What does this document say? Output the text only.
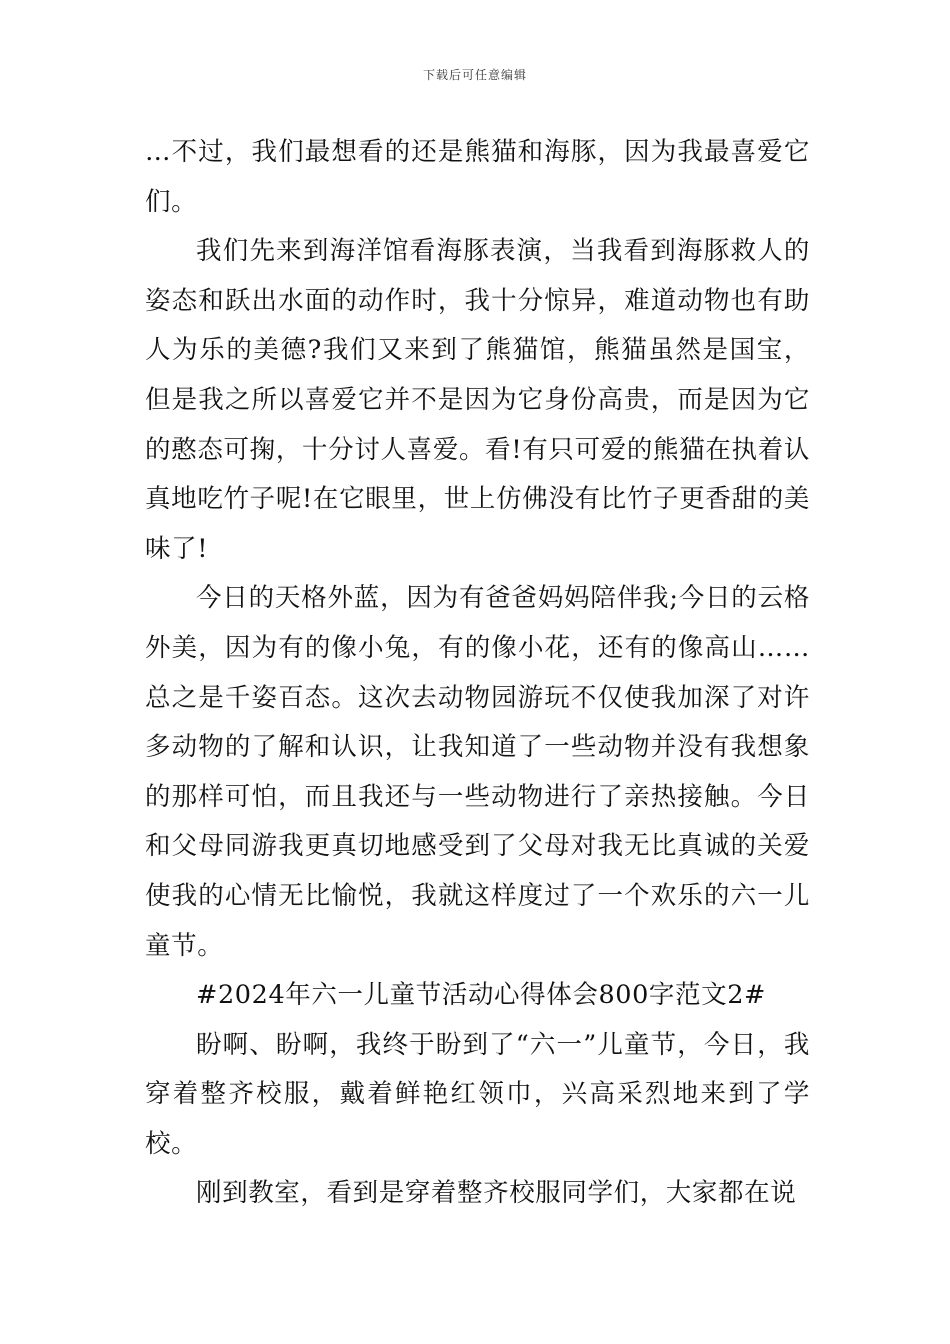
下载后可任意编辑

…不过，我们最想看的还是熊猫和海豚，因为我最喜爱它们。

我们先来到海洋馆看海豚表演，当我看到海豚救人的姿态和跃出水面的动作时，我十分惊异，难道动物也有助人为乐的美德?我们又来到了熊猫馆，熊猫虽然是国宝，但是我之所以喜爱它并不是因为它身份高贵，而是因为它的憨态可掬，十分讨人喜爱。看!有只可爱的熊猫在执着认真地吃竹子呢!在它眼里，世上仿佛没有比竹子更香甜的美味了!

今日的天格外蓝，因为有爸爸妈妈陪伴我;今日的云格外美，因为有的像小兔，有的像小花，还有的像高山……总之是千姿百态。这次去动物园游玩不仅使我加深了对许多动物的了解和认识，让我知道了一些动物并没有我想象的那样可怕，而且我还与一些动物进行了亲热接触。今日和父母同游我更真切地感受到了父母对我无比真诚的关爱使我的心情无比愉悦，我就这样度过了一个欢乐的六一儿童节。

#2024年六一儿童节活动心得体会800字范文2#

盼啊、盼啊，我终于盼到了“六一”儿童节，今日，我穿着整齐校服，戴着鲜艳红领巾，兴高采烈地来到了学校。

刚到教室，看到是穿着整齐校服同学们，大家都在说
